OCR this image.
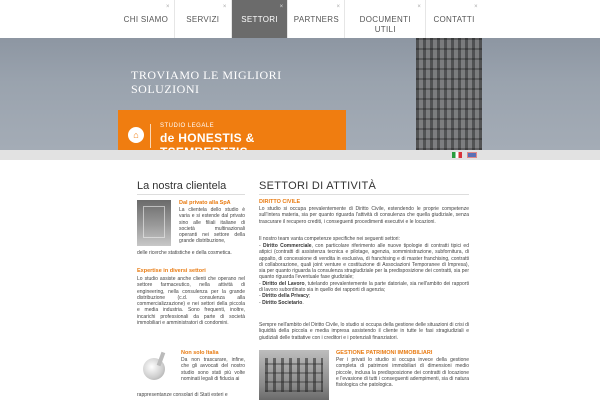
×
CHI SIAMO
×
SERVIZI
×
SETTORI
×
PARTNERS
×
DOCUMENTI UTILI
×
CONTATTI
TROVIAMO LE MIGLIORI
SOLUZIONI
⌂
STUDIO LEGALE
de HONESTIS &
La nostra clientela
Dal privato alla SpA
La clientela dello studio è varia e si estende dal privato sino alle filiali italiane di società multinazionali operanti nei settore della grande distribuzione,
delle ricerche statistiche e della cosmetica.
Expertise in diversi settori
Lo studio assiste anche clienti che operano nel settore farmaceutico, nella attività di engineering, nella consulenza per la grande distribuzione (c.d. consulenza alla commercializzazione) e nei settori della piccola e media industria. Sono frequenti, inoltre, incarichi professionali da parte di società immobiliari e amministratori di condomini.
Non solo Italia
Da non trascurare, infine, che gli avvocati del nostro studio sono stati più volte nominati legali di fiducia ai
rappresentanze consolari di Stati esteri e
SETTORI DI ATTIVITÀ
DIRITTO CIVILE
Lo studio si occupa prevalentemente di Diritto Civile, estendendo le proprie competenze sull'intera materia, sia per quanto riguarda l'attività di consulenza che quella giudiziale, senza trascurare il recupero crediti, i conseguenti procedimenti esecutivi e le locazioni.
Il nostro team vanta competenze specifiche nei seguenti settori:
- Diritto Commerciale, con particolare riferimento alle nuove tipologie di contratti tipici ed atipici (contratti di assistenza tecnica e pilotage, agenzia, somministrazione, subfornitura, di appalto, di concessione di vendita in esclusiva, di franchising e di master franchising, contratti di collaborazione, quali joint venture e costituzione di Associazioni Temporanee di Impresa), sia per quanto riguarda la consulenza stragiudiziale per la predisposizione dei contratti, sia per quanto riguarda l'eventuale fase giudiziale;
- Diritto del Lavoro, tutelando prevalentemente la parte datoriale, sia nell'ambito dei rapporti di lavoro subordinato sia in quello dei rapporti di agenzia;
- Diritto della Privacy;
- Diritto Societario.
Sempre nell'ambito del Diritto Civile, lo studio si occupa della gestione delle situazioni di crisi di liquidità della piccola e media impresa assistendo il cliente in tutte le fasi stragiudiziali e giudiziali delle trattative con i creditori e i potenziali finanziatori.
GESTIONE PATRIMONI IMMOBILIARI
Per i privati lo studio si occupa invece della gestione completa di patrimoni immobiliari di dimensioni medio piccole, inclusa la predisposizione dei contratti di locazione e l'evasione di tutti i conseguenti adempimenti, sia di natura fisiologica che patologica.
